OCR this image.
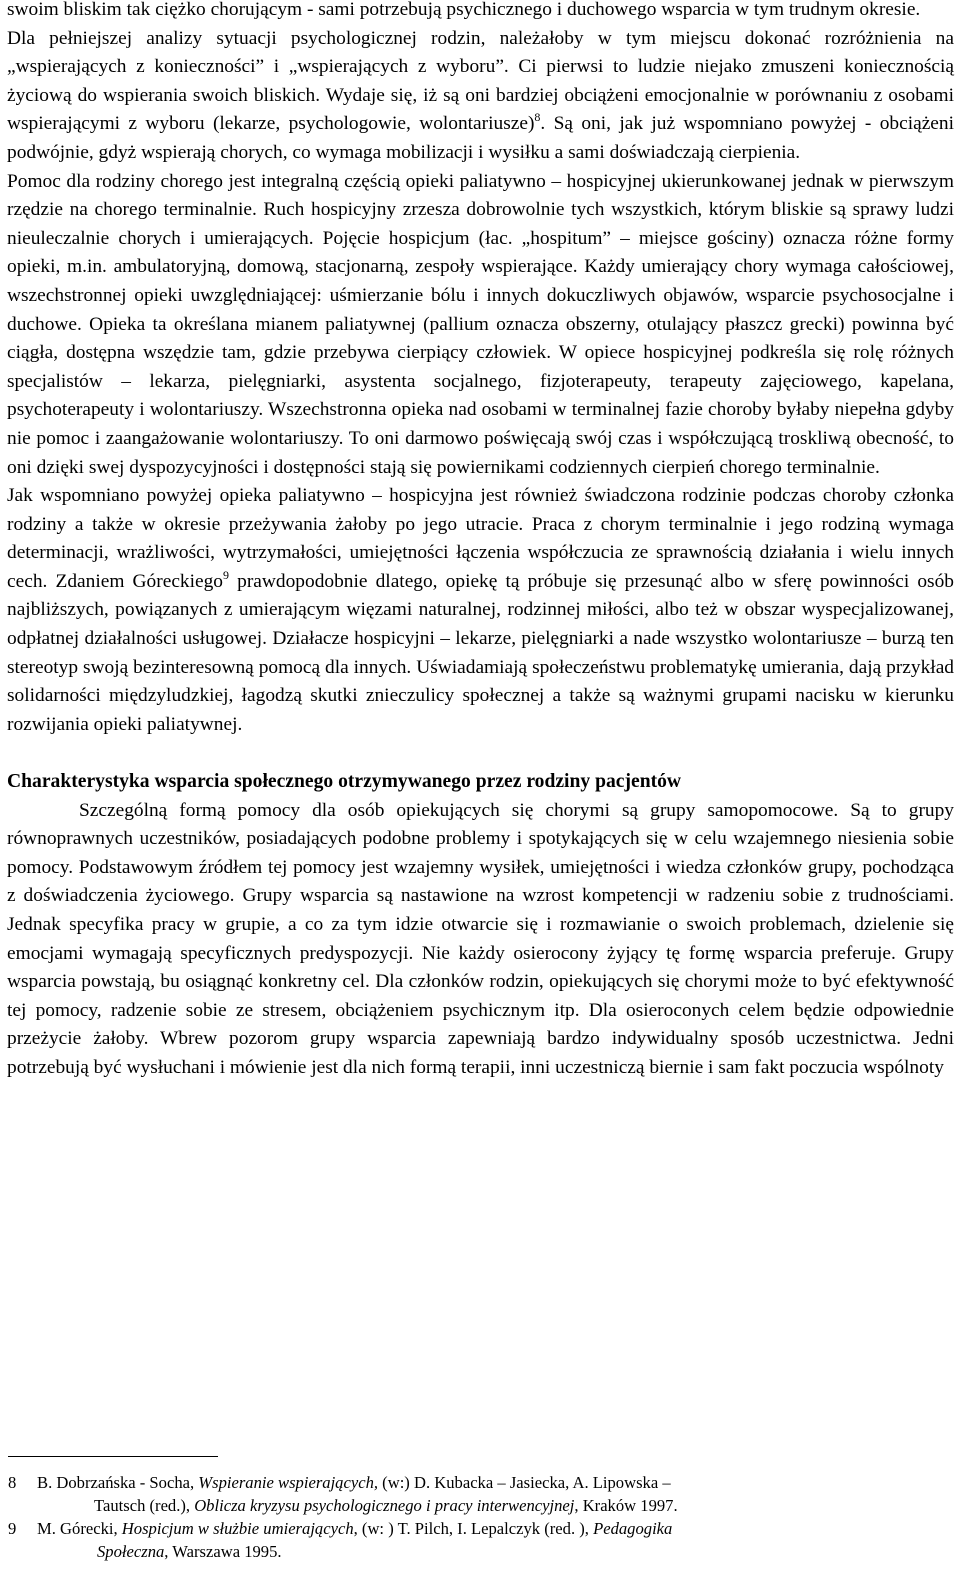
swoim bliskim tak ciężko chorującym - sami potrzebują psychicznego i duchowego wsparcia w tym trudnym okresie.

Dla pełniejszej analizy sytuacji psychologicznej rodzin, należałoby w tym miejscu dokonać rozróżnienia na „wspierających z konieczności” i „wspierających z wyboru”. Ci pierwsi to ludzie niejako zmuszeni koniecznością życiową do wspierania swoich bliskich. Wydaje się, iż są oni bardziej obciążeni emocjonalnie w porównaniu z osobami wspierającymi z wyboru (lekarze, psychologowie, wolontariusze)$^8$. Są oni, jak już wspomniano powyżej - obciążeni podwójnie, gdyż wspierają chorych, co wymaga mobilizacji i wysiłku a sami doświadczają cierpienia.

Pomoc dla rodziny chorego jest integralną częścią opieki paliatywno – hospicyjnej ukierunkowanej jednak w pierwszym rzędzie na chorego terminalnie. Ruch hospicyjny zrzesza dobrowolnie tych wszystkich, którym bliskie są sprawy ludzi nieuleczalnie chorych i umierających. Pojęcie hospicjum (łac. „hospitum” – miejsce gościny) oznacza różne formy opieki, m.in. ambulatoryjną, domową, stacjonarną, zespoły wspierające. Każdy umierający chory wymaga całościowej, wszechstronnej opieki uwzględniającej: uśmierzanie bólu i innych dokuczliwych objawów, wsparcie psychosocjalne i duchowe. Opieka ta określana mianem paliatywnej (pallium oznacza obszerny, otulający płaszcz grecki) powinna być ciągła, dostępna wszędzie tam, gdzie przebywa cierpiący człowiek. W opiece hospicyjnej podkreśla się rolę różnych specjalistów – lekarza, pielęgniarki, asystenta socjalnego, fizjoterapeuty, terapeuty zajęciowego, kapelana, psychoterapeuty i wolontariuszy. Wszechstronna opieka nad osobami w terminalnej fazie choroby byłaby niepełna gdyby nie pomoc i zaangażowanie wolontariuszy. To oni darmowo poświęcają swój czas i współczującą troskliwą obecność, to oni dzięki swej dyspozycyjności i dostępności stają się powiernikami codziennych cierpień chorego terminalnie.

Jak wspomniano powyżej opieka paliatywno – hospicyjna jest również świadczona rodzinie podczas choroby członka rodziny a także w okresie przeżywania żałoby po jego utracie. Praca z chorym terminalnie i jego rodziną wymaga determinacji, wrażliwości, wytrzymałości, umiejętności łączenia współczucia ze sprawnością działania i wielu innych cech. Zdaniem Góreckiego$^9$ prawdopodobnie dlatego, opiekę tą próbuje się przesunąć albo w sferę powinności osób najbliższych, powiązanych z umierającym więzami naturalnej, rodzinnej miłości, albo też w obszar wyspecjalizowanej, odpłatnej działalności usługowej. Działacze hospicyjni – lekarze, pielęgniarki a nade wszystko wolontariusze – burzą ten stereotyp swoją bezinteresowną pomocą dla innych. Uświadamiają społeczeństwu problematykę umierania, dają przykład solidarności międzyludzkiej, łagodzą skutki znieczulicy społecznej a także są ważnymi grupami nacisku w kierunku rozwijania opieki paliatywnej.

Charakterystyka wsparcia społecznego otrzymywanego przez rodziny pacjentów

Szczególną formą pomocy dla osób opiekujących się chorymi są grupy samopomocowe. Są to grupy równoprawnych uczestników, posiadających podobne problemy i spotykających się w celu wzajemnego niesienia sobie pomocy. Podstawowym źródłem tej pomocy jest wzajemny wysiłek, umiejętności i wiedza członków grupy, pochodząca z doświadczenia życiowego. Grupy wsparcia są nastawione na wzrost kompetencji w radzeniu sobie z trudnościami. Jednak specyfika pracy w grupie, a co za tym idzie otwarcie się i rozmawianie o swoich problemach, dzielenie się emocjami wymagają specyficznych predyspozycji. Nie każdy osierocony żyjący tę formę wsparcia preferuje. Grupy wsparcia powstają, bu osiągnąć konkretny cel. Dla członków rodzin, opiekujących się chorymi może to być efektywność tej pomocy, radzenie sobie ze stresem, obciążeniem psychicznym itp. Dla osieroconych celem będzie odpowiednie przeżycie żałoby. Wbrew pozorom grupy wsparcia zapewniają bardzo indywidualny sposób uczestnictwa. Jedni potrzebują być wysłuchani i mówienie jest dla nich formą terapii, inni uczestniczą biernie i sam fakt poczucia wspólnoty

8 B. Dobrzańska - Socha, Wspieranie wspierających, (w:) D. Kubacka – Jasiecka, A. Lipowska –
Tautsch (red.), Oblicza kryzysu psychologicznego i pracy interwencyjnej, Kraków 1997.
9 M. Górecki, Hospicjum w służbie umierających, (w: ) T. Pilch, I. Lepalczyk (red. ), Pedagogika
Społeczna, Warszawa 1995.
